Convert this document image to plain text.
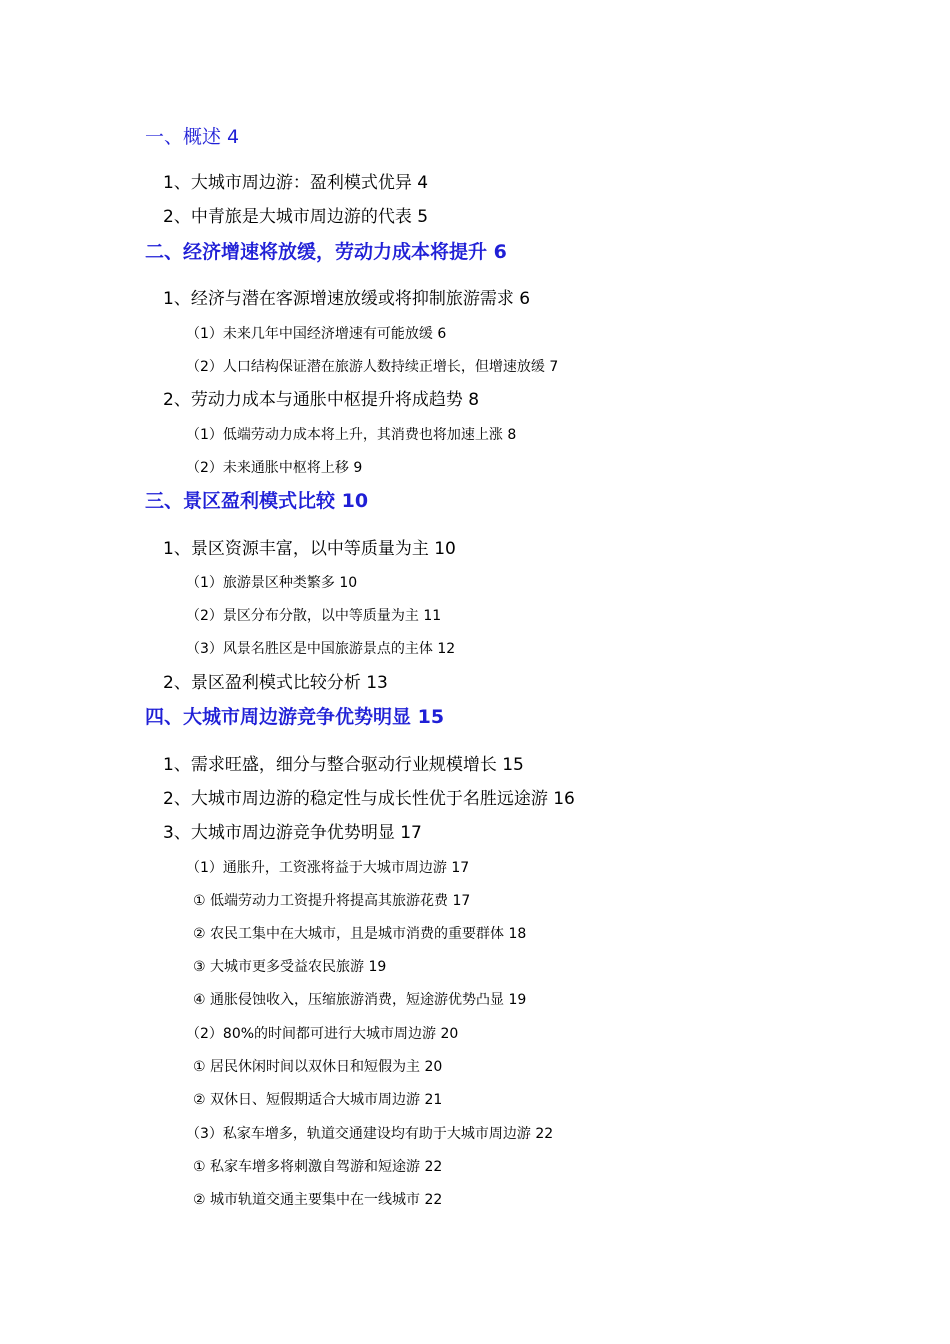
一、概述 4
1、大城市周边游：盈利模式优异 4
2、中青旅是大城市周边游的代表 5
二、经济增速将放缓，劳动力成本将提升 6
1、经济与潜在客源增速放缓或将抑制旅游需求 6
（1）未来几年中国经济增速有可能放缓 6
（2）人口结构保证潜在旅游人数持续正增长，但增速放缓 7
2、劳动力成本与通胀中枢提升将成趋势 8
（1）低端劳动力成本将上升，其消费也将加速上涨 8
（2）未来通胀中枢将上移 9
三、景区盈利模式比较 10
1、景区资源丰富，以中等质量为主 10
（1）旅游景区种类繁多 10
（2）景区分布分散，以中等质量为主 11
（3）风景名胜区是中国旅游景点的主体 12
2、景区盈利模式比较分析 13
四、大城市周边游竞争优势明显 15
1、需求旺盛，细分与整合驱动行业规模增长 15
2、大城市周边游的稳定性与成长性优于名胜远途游 16
3、大城市周边游竞争优势明显 17
（1）通胀升，工资涨将益于大城市周边游 17
① 低端劳动力工资提升将提高其旅游花费 17
② 农民工集中在大城市，且是城市消费的重要群体 18
③ 大城市更多受益农民旅游 19
④ 通胀侵蚀收入，压缩旅游消费，短途游优势凸显 19
（2）80%的时间都可进行大城市周边游 20
① 居民休闲时间以双休日和短假为主 20
② 双休日、短假期适合大城市周边游 21
（3）私家车增多，轨道交通建设均有助于大城市周边游 22
① 私家车增多将刺激自驾游和短途游 22
② 城市轨道交通主要集中在一线城市 22
